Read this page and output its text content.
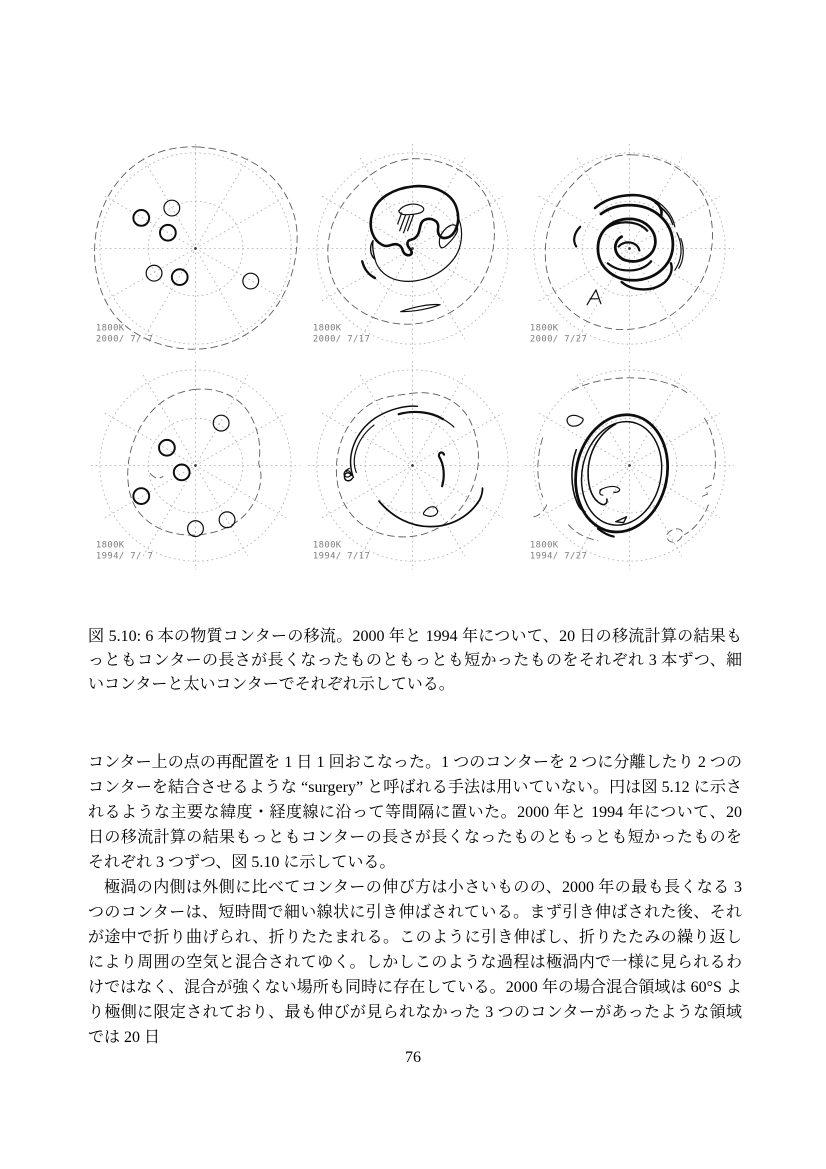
1800K
2000/ 7/ 7
1800K
2000/ 7/17
1800K
2000/ 7/27
1800K
1994/ 7/ 7
1800K
1994/ 7/17
1800K
1994/ 7/27

図 5.10: 6 本の物質コンターの移流。2000 年と 1994 年について、20 日の移流計算の結果もっともコンターの長さが長くなったものともっとも短かったものをそれぞれ 3 本ずつ、細いコンターと太いコンターでそれぞれ示している。

コンター上の点の再配置を 1 日 1 回おこなった。1 つのコンターを 2 つに分離したり 2 つのコンターを結合させるような “surgery” と呼ばれる手法は用いていない。円は図 5.12 に示されるような主要な緯度・経度線に沿って等間隔に置いた。2000 年と 1994 年について、20 日の移流計算の結果もっともコンターの長さが長くなったものともっとも短かったものをそれぞれ 3 つずつ、図 5.10 に示している。

極渦の内側は外側に比べてコンターの伸び方は小さいものの、2000 年の最も長くなる 3 つのコンターは、短時間で細い線状に引き伸ばされている。まず引き伸ばされた後、それが途中で折り曲げられ、折りたたまれる。このように引き伸ばし、折りたたみの繰り返しにより周囲の空気と混合されてゆく。しかしこのような過程は極渦内で一様に見られるわけではなく、混合が強くない場所も同時に存在している。2000 年の場合混合領域は 60°S より極側に限定されており、最も伸びが見られなかった 3 つのコンターがあったような領域では 20 日

76
